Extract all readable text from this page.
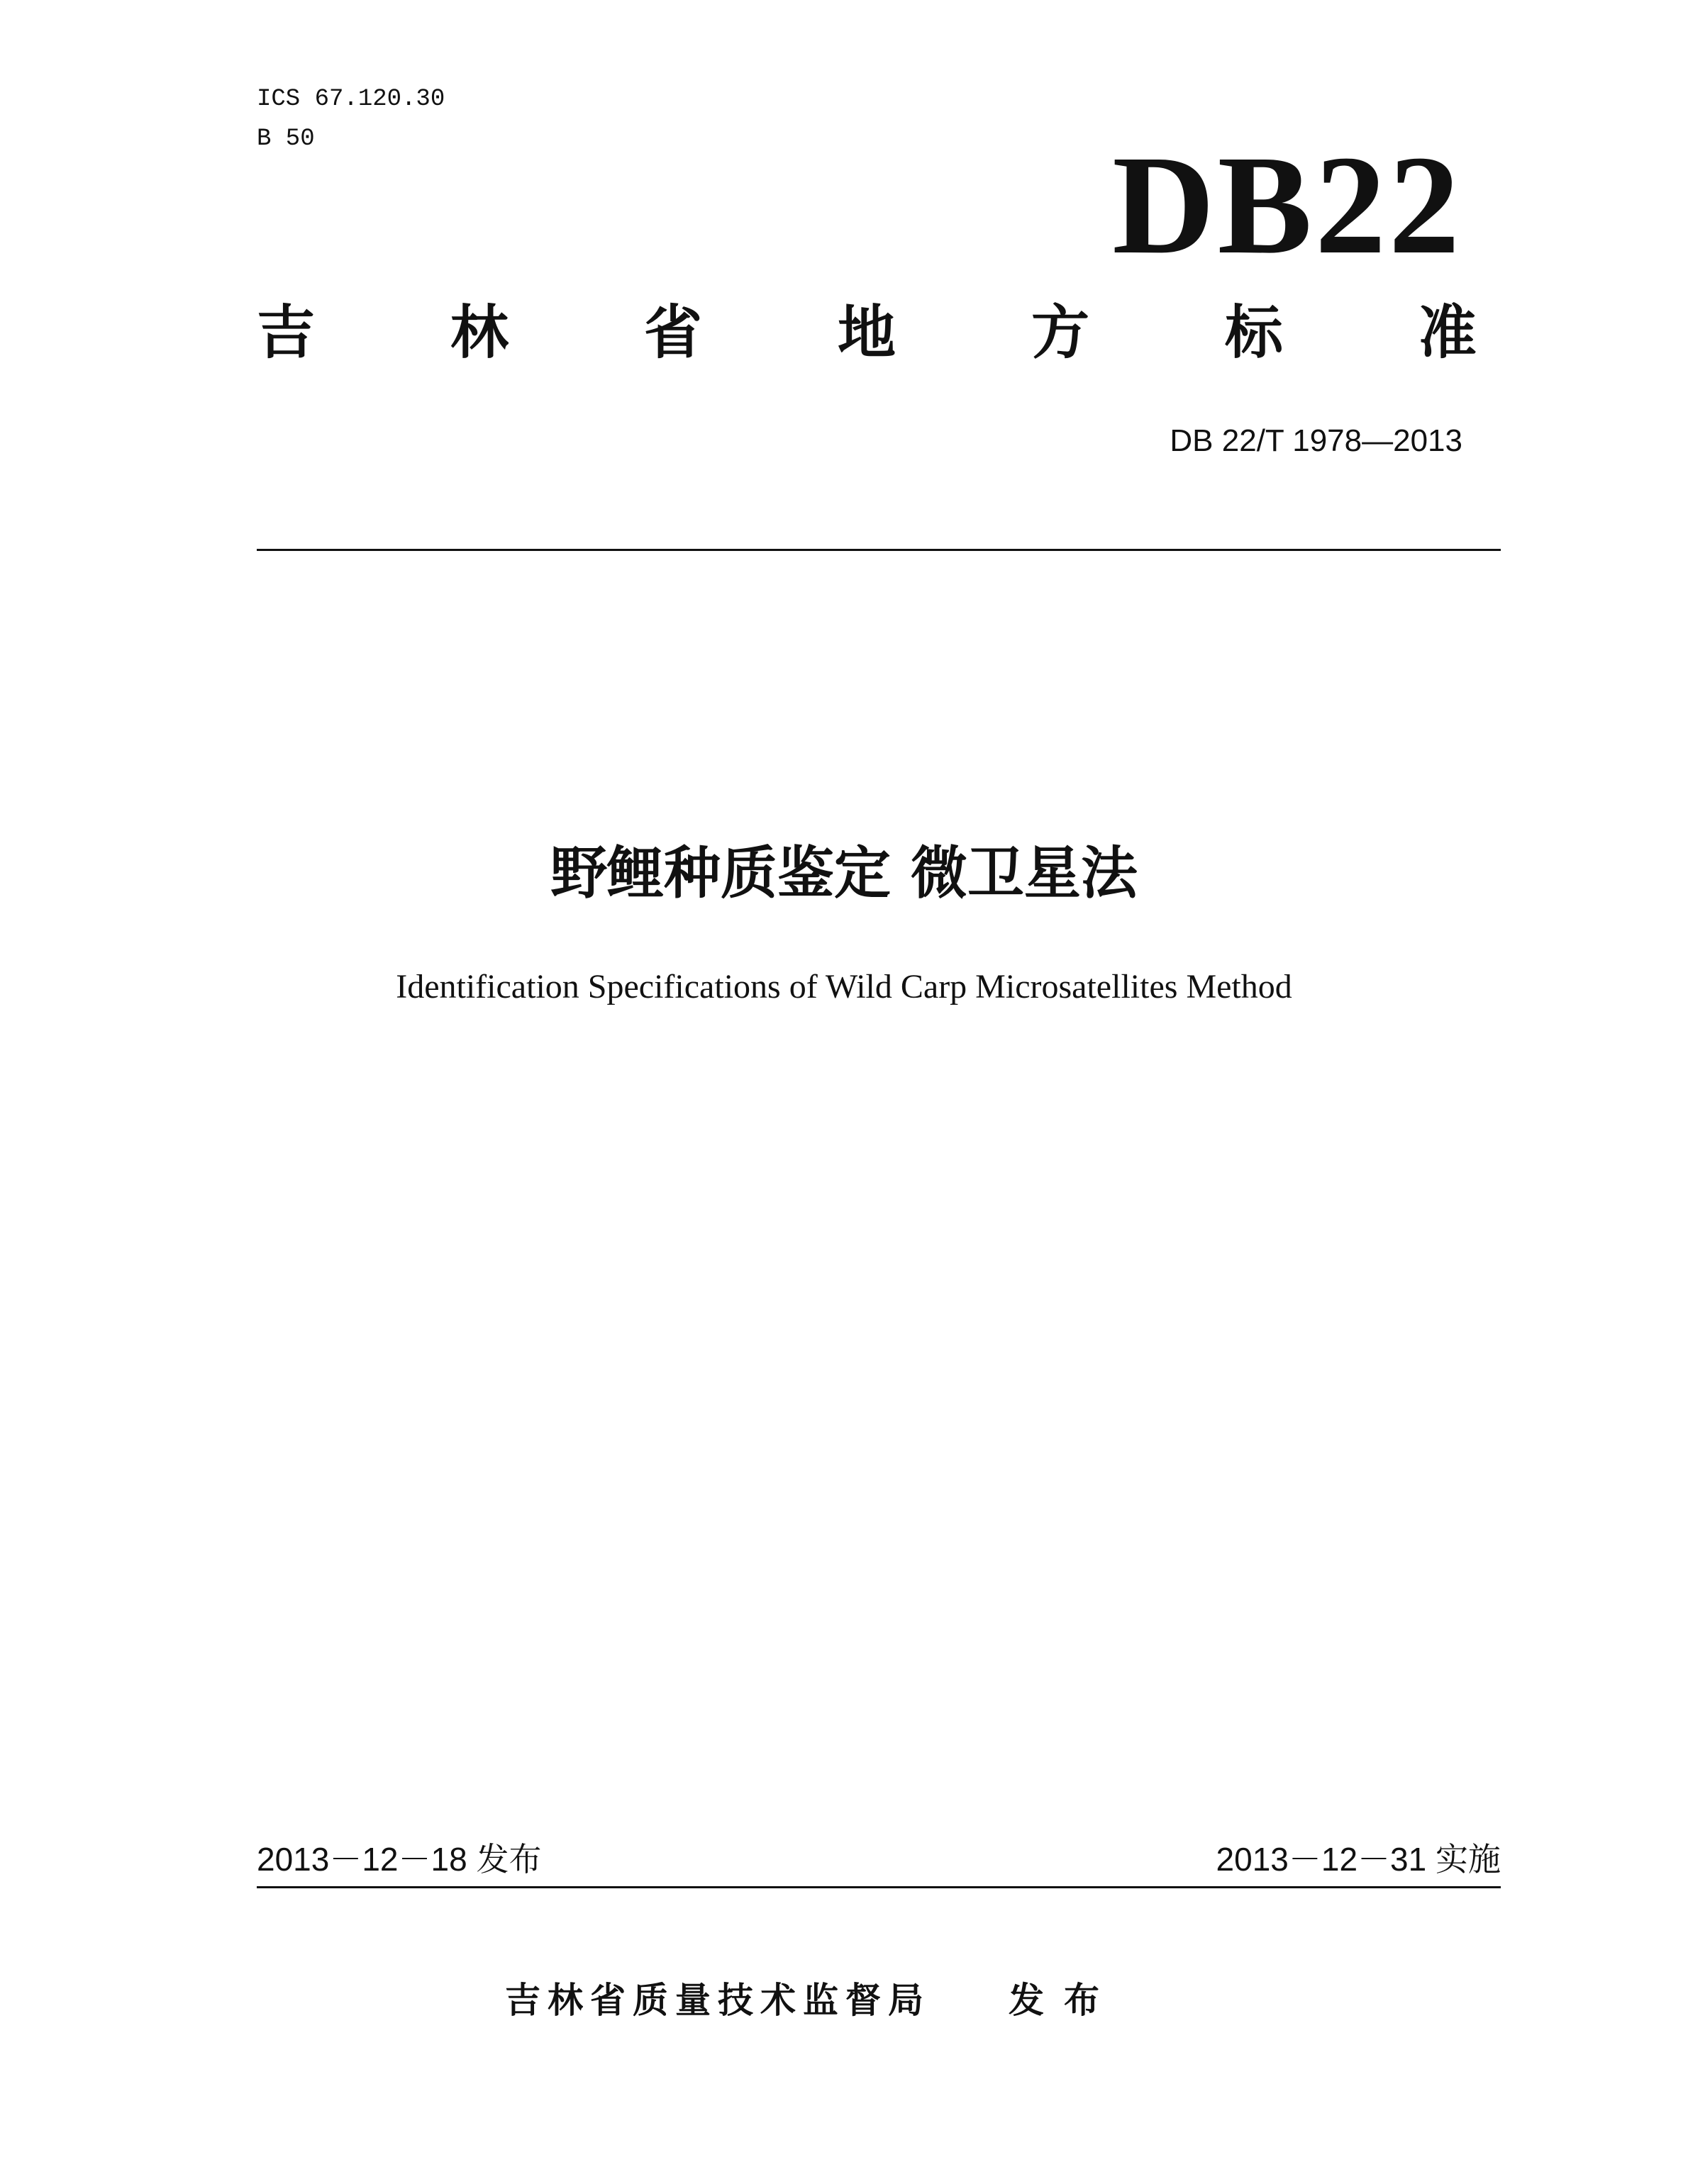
ICS 67.120.30
B 50	DB22
吉 林 省 地 方 标 准
DB 22/T 1978—2013
野鲤种质鉴定 微卫星法
Identification Specifications of Wild Carp Microsatellites Method
2013－12－18 发布	2013－12－31 实施
吉林省质量技术监督局 发布
